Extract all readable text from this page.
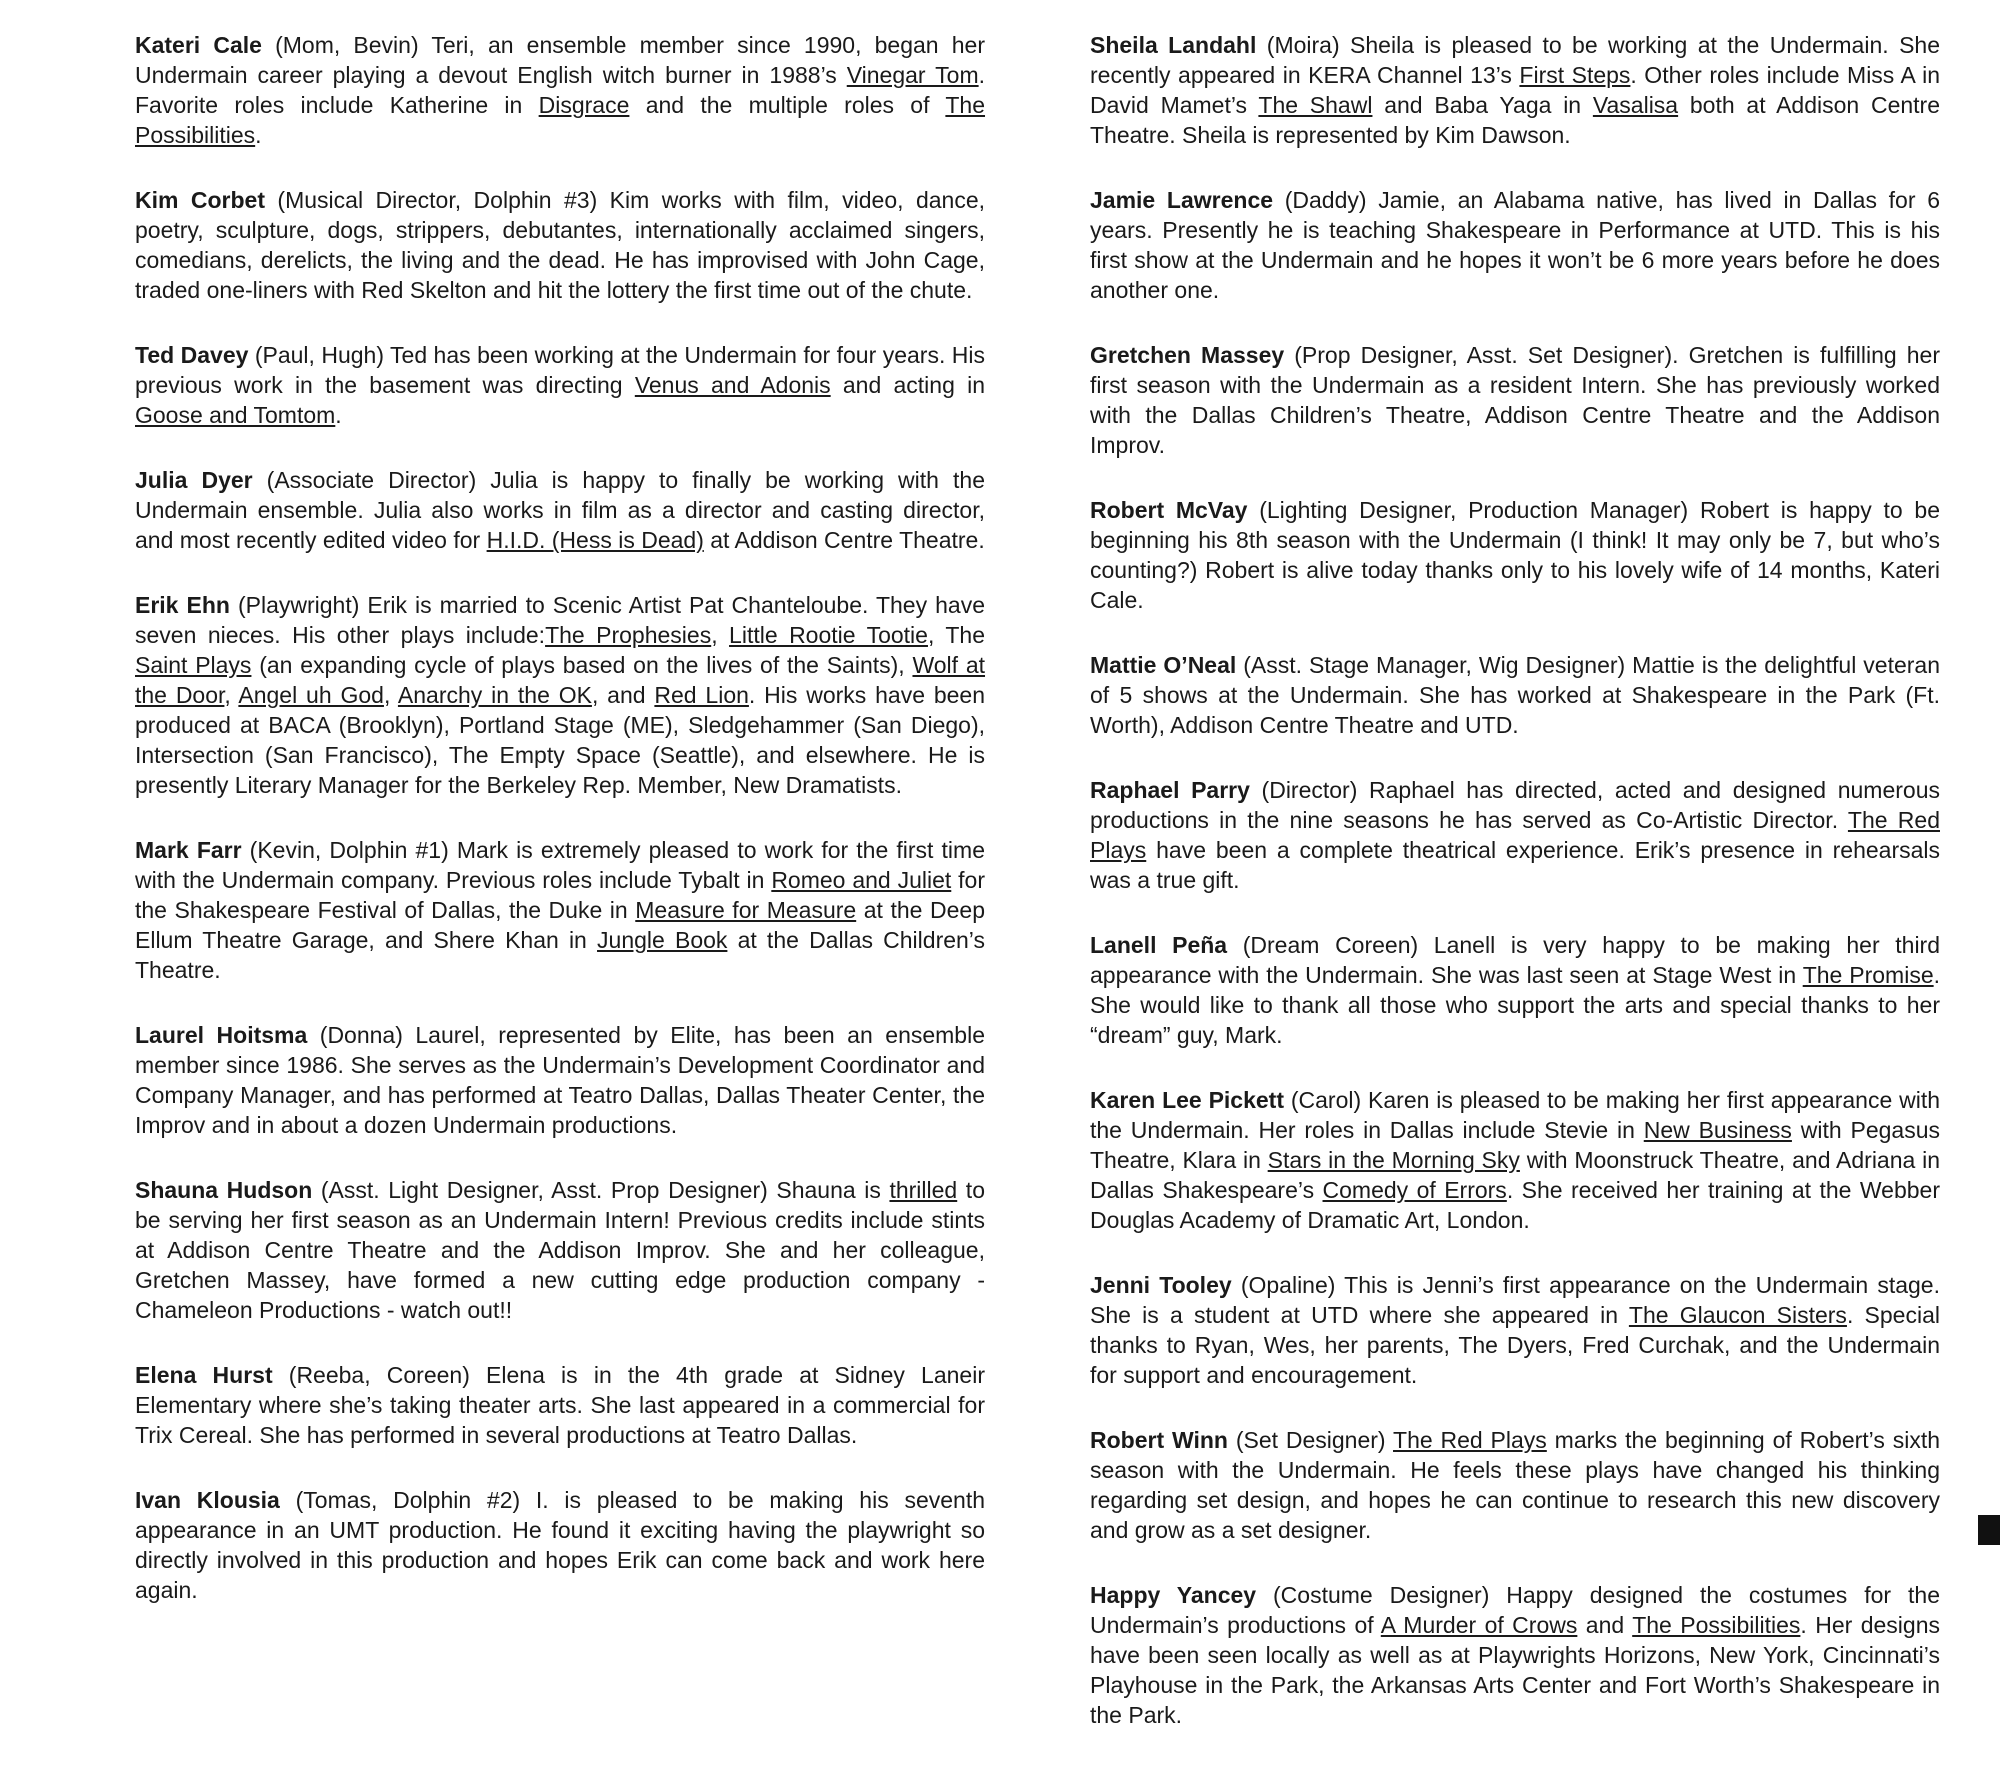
Kateri Cale (Mom, Bevin) Teri, an ensemble member since 1990, began her Undermain career playing a devout English witch burner in 1988’s Vinegar Tom. Favorite roles include Katherine in Disgrace and the multiple roles of The Possibilities.

Kim Corbet (Musical Director, Dolphin #3) Kim works with film, video, dance, poetry, sculpture, dogs, strippers, debutantes, internationally acclaimed singers, comedians, derelicts, the living and the dead. He has improvised with John Cage, traded one-liners with Red Skelton and hit the lottery the first time out of the chute.

Ted Davey (Paul, Hugh) Ted has been working at the Undermain for four years. His previous work in the basement was directing Venus and Adonis and acting in Goose and Tomtom.

Julia Dyer (Associate Director) Julia is happy to finally be working with the Undermain ensemble. Julia also works in film as a director and casting director, and most recently edited video for H.I.D. (Hess is Dead) at Addison Centre Theatre.

Erik Ehn (Playwright) Erik is married to Scenic Artist Pat Chanteloube. They have seven nieces. His other plays include:The Prophesies, Little Rootie Tootie, The Saint Plays (an expanding cycle of plays based on the lives of the Saints), Wolf at the Door, Angel uh God, Anarchy in the OK, and Red Lion. His works have been produced at BACA (Brooklyn), Portland Stage (ME), Sledgehammer (San Diego), Intersection (San Francisco), The Empty Space (Seattle), and elsewhere. He is presently Literary Manager for the Berkeley Rep. Member, New Dramatists.

Mark Farr (Kevin, Dolphin #1) Mark is extremely pleased to work for the first time with the Undermain company. Previous roles include Tybalt in Romeo and Juliet for the Shakespeare Festival of Dallas, the Duke in Measure for Measure at the Deep Ellum Theatre Garage, and Shere Khan in Jungle Book at the Dallas Children’s Theatre.

Laurel Hoitsma (Donna) Laurel, represented by Elite, has been an ensemble member since 1986. She serves as the Undermain’s Development Coordinator and Company Manager, and has performed at Teatro Dallas, Dallas Theater Center, the Improv and in about a dozen Undermain productions.

Shauna Hudson (Asst. Light Designer, Asst. Prop Designer) Shauna is thrilled to be serving her first season as an Undermain Intern! Previous credits include stints at Addison Centre Theatre and the Addison Improv. She and her colleague, Gretchen Massey, have formed a new cutting edge production company - Chameleon Productions - watch out!!

Elena Hurst (Reeba, Coreen) Elena is in the 4th grade at Sidney Laneir Elementary where she’s taking theater arts. She last appeared in a commercial for Trix Cereal. She has performed in several productions at Teatro Dallas.

Ivan Klousia (Tomas, Dolphin #2) I. is pleased to be making his seventh appearance in an UMT production. He found it exciting having the playwright so directly involved in this production and hopes Erik can come back and work here again.

Sheila Landahl (Moira) Sheila is pleased to be working at the Undermain. She recently appeared in KERA Channel 13’s First Steps. Other roles include Miss A in David Mamet’s The Shawl and Baba Yaga in Vasalisa both at Addison Centre Theatre. Sheila is represented by Kim Dawson.

Jamie Lawrence (Daddy) Jamie, an Alabama native, has lived in Dallas for 6 years. Presently he is teaching Shakespeare in Performance at UTD. This is his first show at the Undermain and he hopes it won’t be 6 more years before he does another one.

Gretchen Massey (Prop Designer, Asst. Set Designer). Gretchen is fulfilling her first season with the Undermain as a resident Intern. She has previously worked with the Dallas Children’s Theatre, Addison Centre Theatre and the Addison Improv.

Robert McVay (Lighting Designer, Production Manager) Robert is happy to be beginning his 8th season with the Undermain (I think! It may only be 7, but who’s counting?) Robert is alive today thanks only to his lovely wife of 14 months, Kateri Cale.

Mattie O’Neal (Asst. Stage Manager, Wig Designer) Mattie is the delightful veteran of 5 shows at the Undermain. She has worked at Shakespeare in the Park (Ft. Worth), Addison Centre Theatre and UTD.

Raphael Parry (Director) Raphael has directed, acted and designed numerous productions in the nine seasons he has served as Co-Artistic Director. The Red Plays have been a complete theatrical experience. Erik’s presence in rehearsals was a true gift.

Lanell Peña (Dream Coreen) Lanell is very happy to be making her third appearance with the Undermain. She was last seen at Stage West in The Promise. She would like to thank all those who support the arts and special thanks to her “dream” guy, Mark.

Karen Lee Pickett (Carol) Karen is pleased to be making her first appearance with the Undermain. Her roles in Dallas include Stevie in New Business with Pegasus Theatre, Klara in Stars in the Morning Sky with Moonstruck Theatre, and Adriana in Dallas Shakespeare’s Comedy of Errors. She received her training at the Webber Douglas Academy of Dramatic Art, London.

Jenni Tooley (Opaline) This is Jenni’s first appearance on the Undermain stage. She is a student at UTD where she appeared in The Glaucon Sisters. Special thanks to Ryan, Wes, her parents, The Dyers, Fred Curchak, and the Undermain for support and encouragement.

Robert Winn (Set Designer) The Red Plays marks the beginning of Robert’s sixth season with the Undermain. He feels these plays have changed his thinking regarding set design, and hopes he can continue to research this new discovery and grow as a set designer.

Happy Yancey (Costume Designer) Happy designed the costumes for the Undermain’s productions of A Murder of Crows and The Possibilities. Her designs have been seen locally as well as at Playwrights Horizons, New York, Cincinnati’s Playhouse in the Park, the Arkansas Arts Center and Fort Worth’s Shakespeare in the Park.
